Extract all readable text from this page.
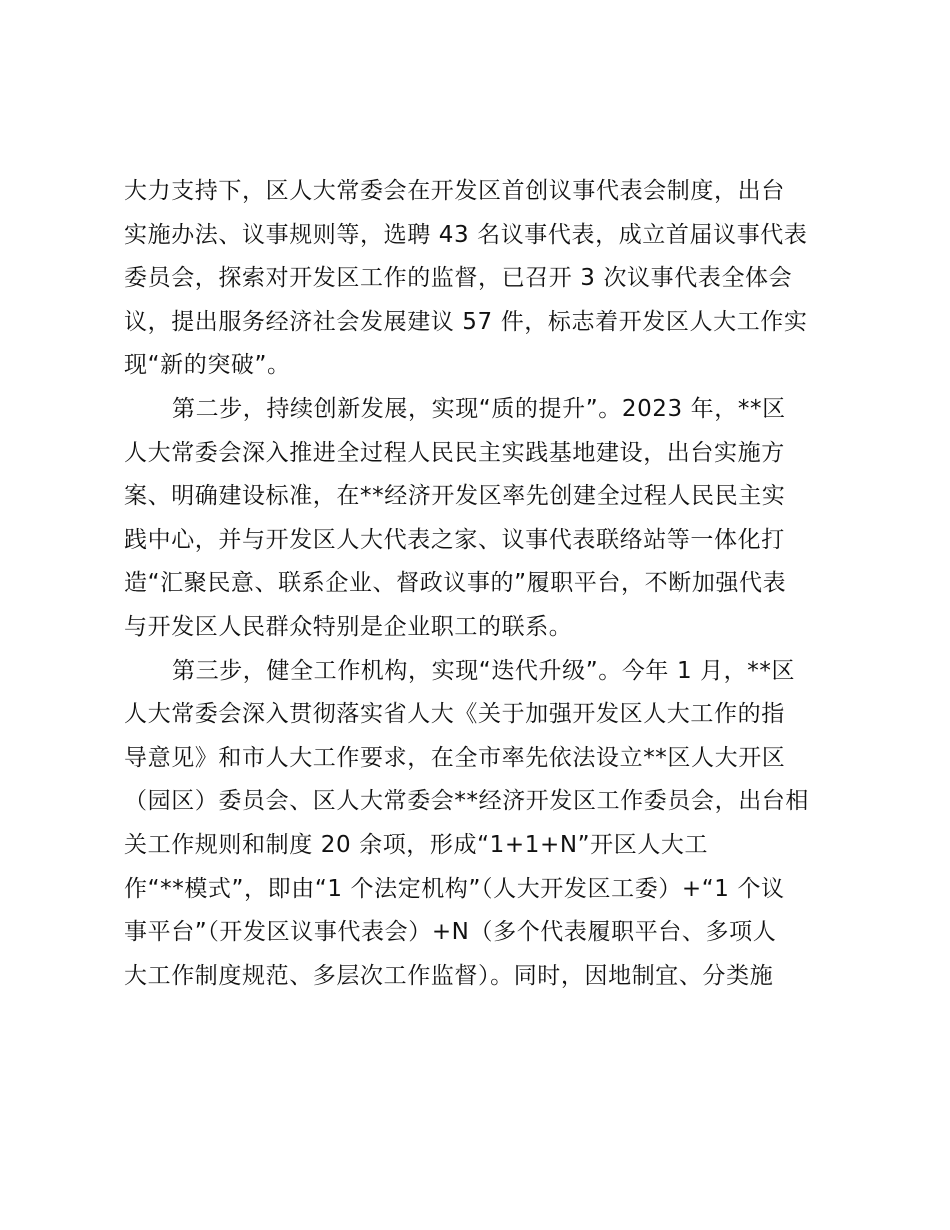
大力支持下，区人大常委会在开发区首创议事代表会制度，出台
实施办法、议事规则等，选聘 43 名议事代表，成立首届议事代表
委员会，探索对开发区工作的监督，已召开 3 次议事代表全体会
议，提出服务经济社会发展建议 57 件，标志着开发区人大工作实
现“新的突破”。
第二步，持续创新发展，实现“质的提升”。2023 年，**区
人大常委会深入推进全过程人民民主实践基地建设，出台实施方
案、明确建设标准，在**经济开发区率先创建全过程人民民主实
践中心，并与开发区人大代表之家、议事代表联络站等一体化打
造“汇聚民意、联系企业、督政议事的”履职平台，不断加强代表
与开发区人民群众特别是企业职工的联系。
第三步，健全工作机构，实现“迭代升级”。今年 1 月，**区
人大常委会深入贯彻落实省人大《关于加强开发区人大工作的指
导意见》和市人大工作要求，在全市率先依法设立**区人大开区
（园区）委员会、区人大常委会**经济开发区工作委员会，出台相
关工作规则和制度 20 余项，形成“1+1+N”开区人大工
作“**模式”，即由“1 个法定机构”（人大开发区工委）+“1 个议
事平台”（开发区议事代表会）+N（多个代表履职平台、多项人
大工作制度规范、多层次工作监督）。同时，因地制宜、分类施
